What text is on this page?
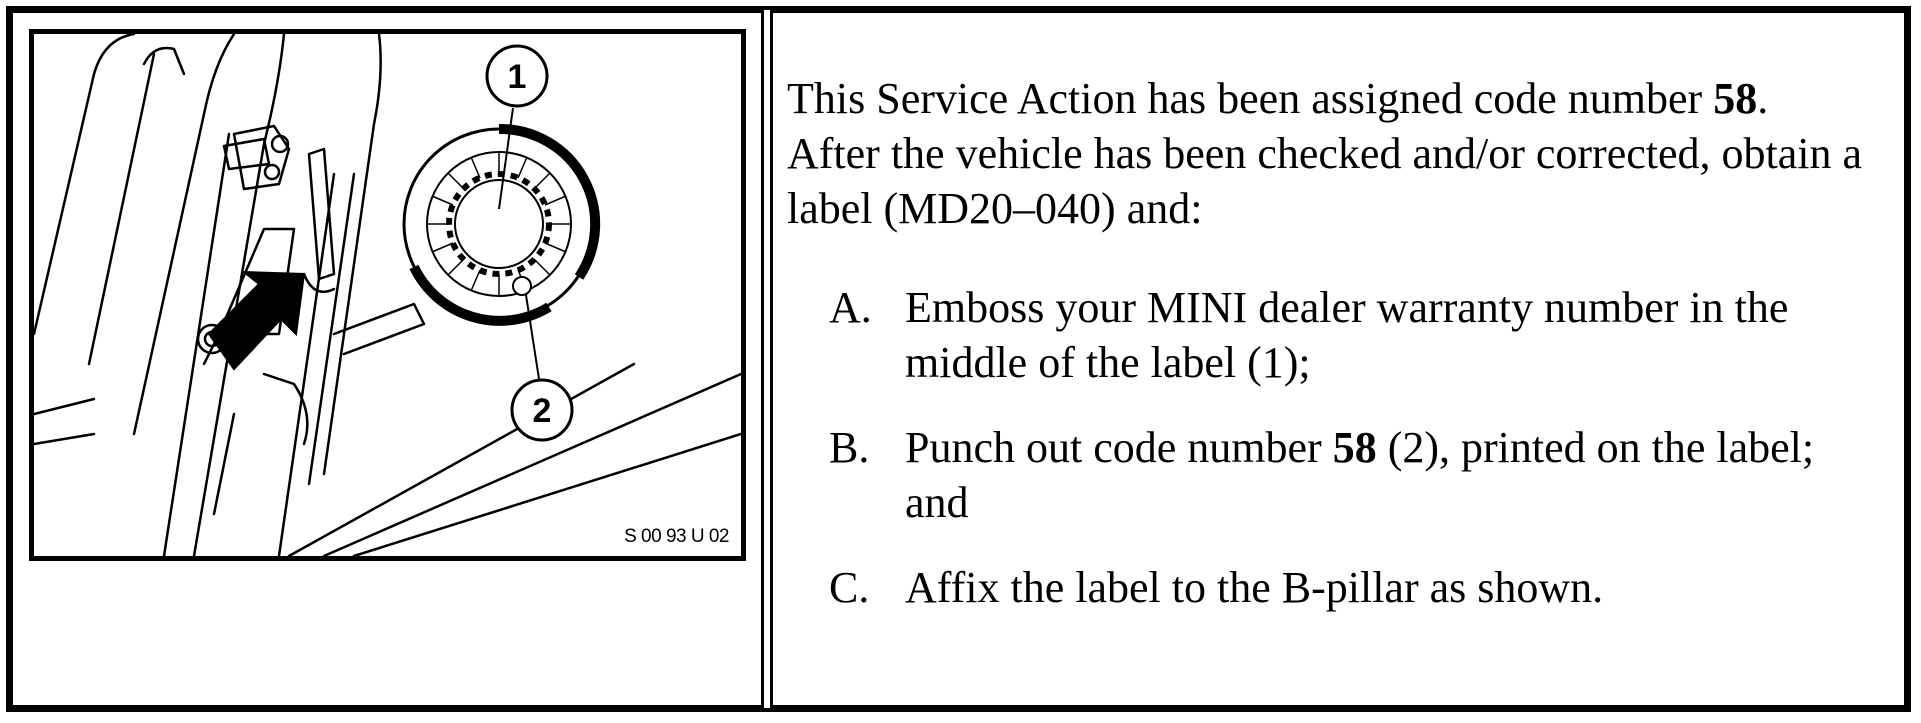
1
2
S 00 93 U 02

This Service Action has been assigned code number 58. After the vehicle has been checked and/or corrected, obtain a label (MD20–040) and:

A. Emboss your MINI dealer warranty number in the middle of the label (1);
B. Punch out code number 58 (2), printed on the label; and
C. Affix the label to the B-pillar as shown.
